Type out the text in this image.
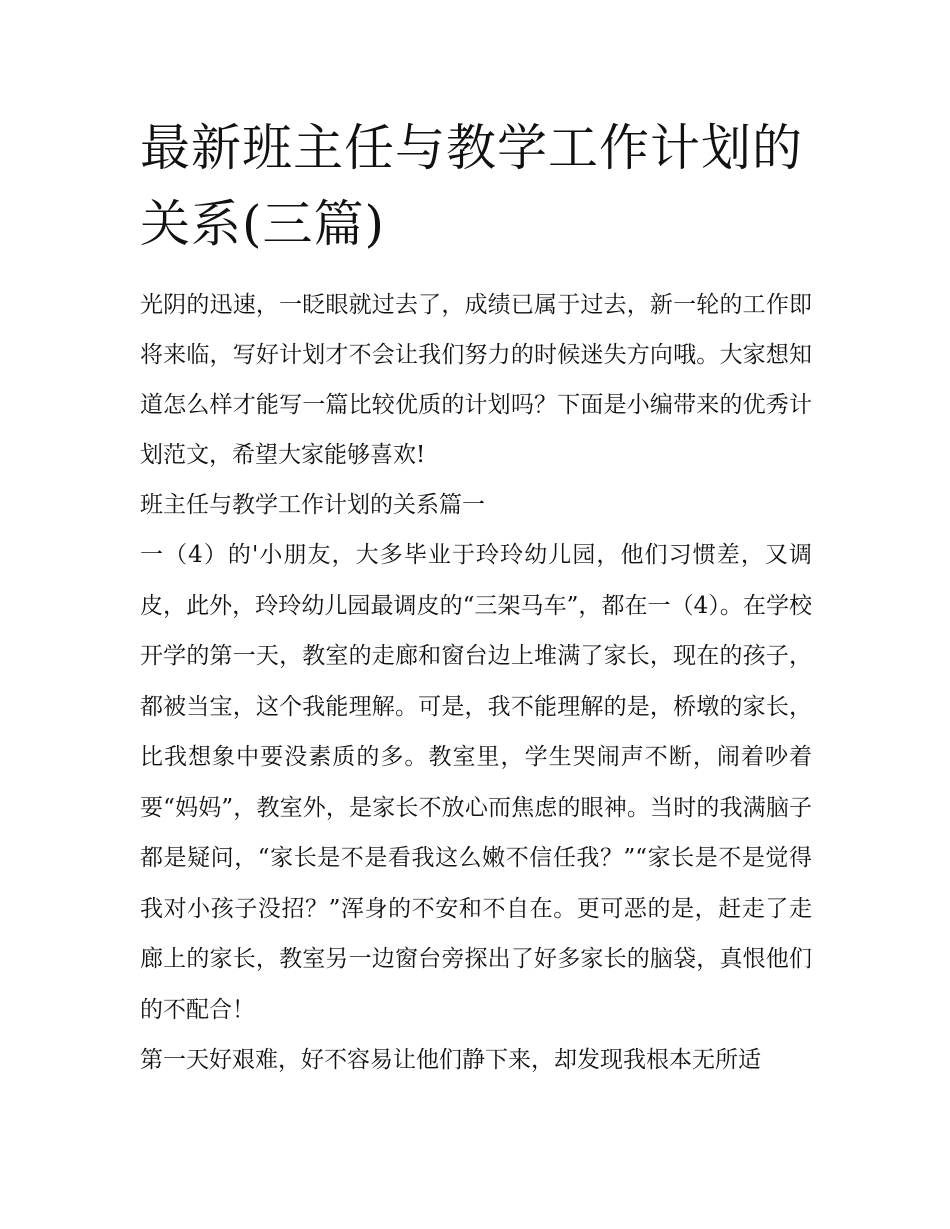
最新班主任与教学工作计划的关系(三篇)

光阴的迅速，一眨眼就过去了，成绩已属于过去，新一轮的工作即将来临，写好计划才不会让我们努力的时候迷失方向哦。大家想知道怎么样才能写一篇比较优质的计划吗？下面是小编带来的优秀计划范文，希望大家能够喜欢!

班主任与教学工作计划的关系篇一

一（4）的'小朋友，大多毕业于玲玲幼儿园，他们习惯差，又调皮，此外，玲玲幼儿园最调皮的“三架马车”，都在一（4）。在学校开学的第一天，教室的走廊和窗台边上堆满了家长，现在的孩子，都被当宝，这个我能理解。可是，我不能理解的是，桥墩的家长，比我想象中要没素质的多。教室里，学生哭闹声不断，闹着吵着要“妈妈”，教室外，是家长不放心而焦虑的眼神。当时的我满脑子都是疑问，“家长是不是看我这么嫩不信任我？”“家长是不是觉得我对小孩子没招？”浑身的不安和不自在。更可恶的是，赶走了走廊上的家长，教室另一边窗台旁探出了好多家长的脑袋，真恨他们的不配合！

第一天好艰难，好不容易让他们静下来，却发现我根本无所适
